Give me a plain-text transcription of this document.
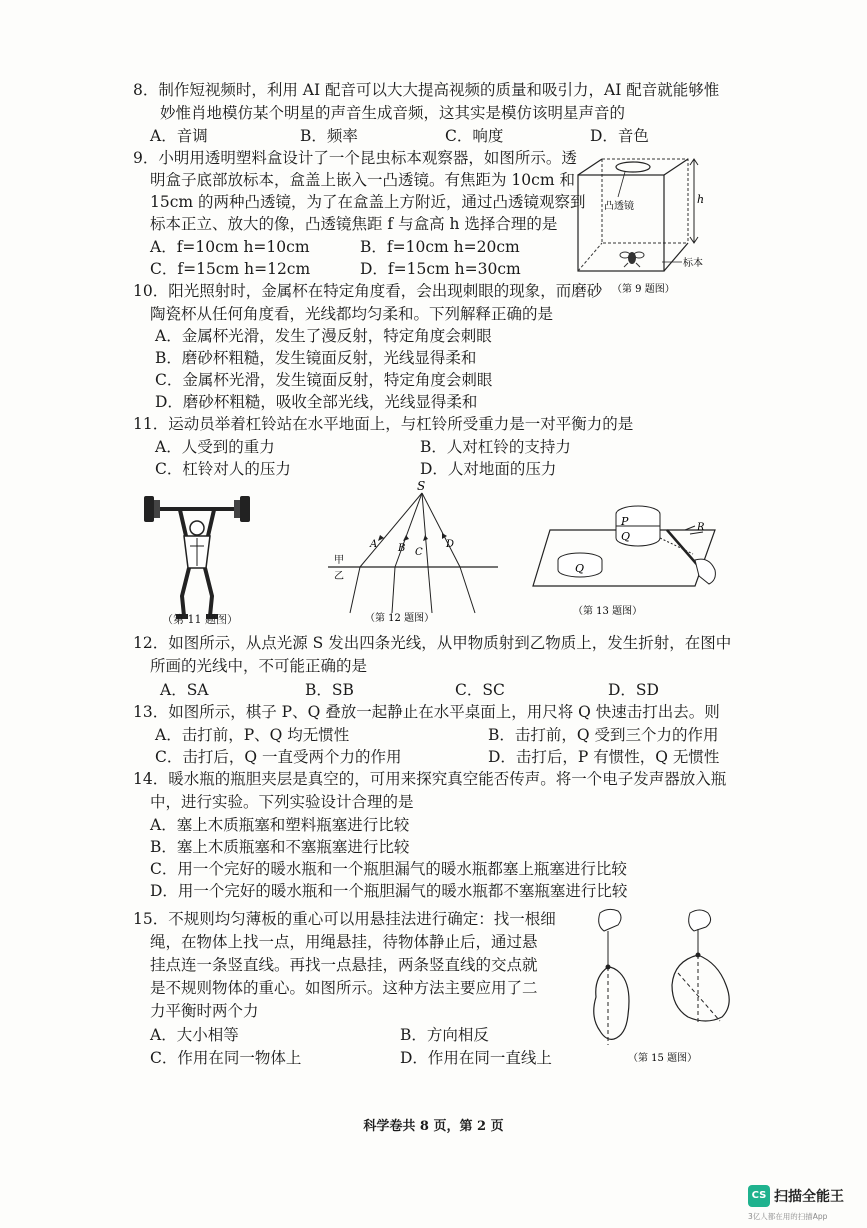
8．制作短视频时，利用 AI 配音可以大大提高视频的质量和吸引力，AI 配音就能够惟
妙惟肖地模仿某个明星的声音生成音频，这其实是模仿该明星声音的
A．音调	B．频率	C．响度	D．音色
9．小明用透明塑料盒设计了一个昆虫标本观察器，如图所示。透
明盒子底部放标本，盒盖上嵌入一凸透镜。有焦距为 10cm 和
15cm 的两种凸透镜，为了在盒盖上方附近，通过凸透镜观察到
标本正立、放大的像，凸透镜焦距 f 与盒高 h 选择合理的是
A．f=10cm h=10cm	B．f=10cm h=20cm
C．f=15cm h=12cm	D．f=15cm h=30cm
凸透镜
h
标本
（第 9 题图）
10．阳光照射时，金属杯在特定角度看，会出现刺眼的现象，而磨砂
陶瓷杯从任何角度看，光线都均匀柔和。下列解释正确的是
A．金属杯光滑，发生了漫反射，特定角度会刺眼
B．磨砂杯粗糙，发生镜面反射，光线显得柔和
C．金属杯光滑，发生镜面反射，特定角度会刺眼
D．磨砂杯粗糙，吸收全部光线，光线显得柔和
11．运动员举着杠铃站在水平地面上，与杠铃所受重力是一对平衡力的是
A．人受到的重力	B．人对杠铃的支持力
C．杠铃对人的压力	D．人对地面的压力
（第 11 题图）
S
A B C
D
甲
乙
（第 12 题图）
P
Q
Q
R
（第 13 题图）
12．如图所示，从点光源 S 发出四条光线，从甲物质射到乙物质上，发生折射，在图中
所画的光线中，不可能正确的是
A．SA	B．SB	C．SC	D．SD
13．如图所示，棋子 P、Q 叠放一起静止在水平桌面上，用尺将 Q 快速击打出去。则
A．击打前，P、Q 均无惯性	B．击打前，Q 受到三个力的作用
C．击打后，Q 一直受两个力的作用	D．击打后，P 有惯性，Q 无惯性
14．暖水瓶的瓶胆夹层是真空的，可用来探究真空能否传声。将一个电子发声器放入瓶
中，进行实验。下列实验设计合理的是
A．塞上木质瓶塞和塑料瓶塞进行比较
B．塞上木质瓶塞和不塞瓶塞进行比较
C．用一个完好的暖水瓶和一个瓶胆漏气的暖水瓶都塞上瓶塞进行比较
D．用一个完好的暖水瓶和一个瓶胆漏气的暖水瓶都不塞瓶塞进行比较
15．不规则均匀薄板的重心可以用悬挂法进行确定：找一根细
绳，在物体上找一点，用绳悬挂，待物体静止后，通过悬
挂点连一条竖直线。再找一点悬挂，两条竖直线的交点就
是不规则物体的重心。如图所示。这种方法主要应用了二
力平衡时两个力
A．大小相等	B．方向相反
C．作用在同一物体上	D．作用在同一直线上	（第 15 题图）
科学卷共 8 页，第 2 页
CS 扫描全能王
3亿人都在用的扫描App
